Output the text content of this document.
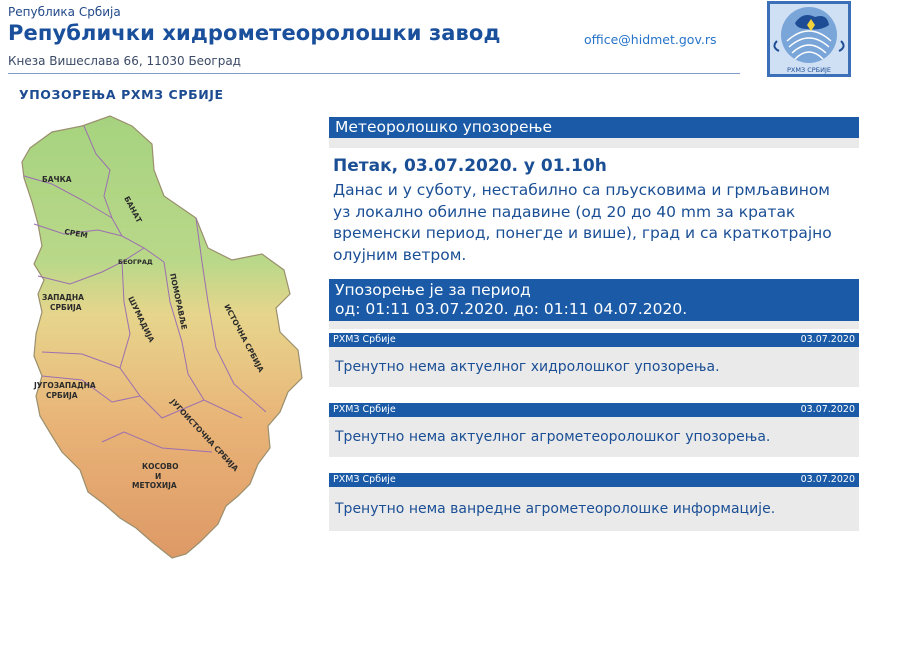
Република Србија
Републички хидрометеоролошки завод
Кнеза Вишеслава 66, 11030 Београд
office@hidmet.gov.rs
РХМЗ СРБИЈЕ
УПОЗОРЕЊА РХМЗ СРБИЈЕ
БАЧКА
БАНАТ
СРЕМ
БЕОГРАД
ЗАПАДНА
СРБИЈА	ШУМАДИЈА ПОМОРАВЉЕ
ИСТОЧНА СРБИЈА
ЈУГОЗАПАДНА
СРБИЈА
ЈУГОИСТОЧНА СРБИЈА
КОСОВО
И
МЕТОХИЈА
Метеоролошко упозорење
Петак, 03.07.2020. у 01.10h
Данас и у суботу, нестабилно са пљусковима и грмљавином уз локално обилне падавине (од 20 до 40 mm за кратак временски период, понегде и више), град и са краткотрајно олујним ветром.
Упозорење је за период
од: 01:11 03.07.2020. до: 01:11 04.07.2020.
РХМЗ Србије	03.07.2020
Тренутно нема актуелног хидролошког упозорења.
РХМЗ Србије	03.07.2020
Тренутно нема актуелног агрометеоролошког упозорења.
РХМЗ Србије	03.07.2020
Тренутно нема ванредне агрометеоролошке информације.
